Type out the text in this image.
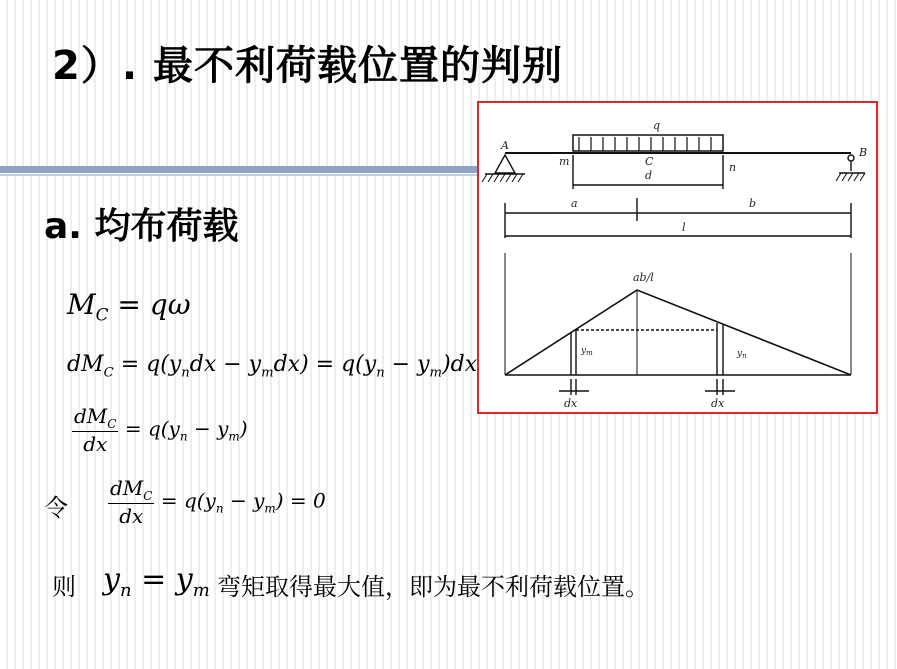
2）. 最不利荷载位置的判别
a. 均布荷载
$M_C = q\omega$
$dM_C = q(y_ndx - y_mdx) = q(y_n - y_m)dx$
$\frac{dM_C}{dx} = q(y_n - y_m)$
令 $\frac{dM_C}{dx} = q(y_n - y_m) = 0$
则 $y_n = y_m$ 弯矩取得最大值，即为最不利荷载位置。
q
A
B
C
m	n
d
a	b
l
ab/l
$y_m$	$y_n$
dx	dx
